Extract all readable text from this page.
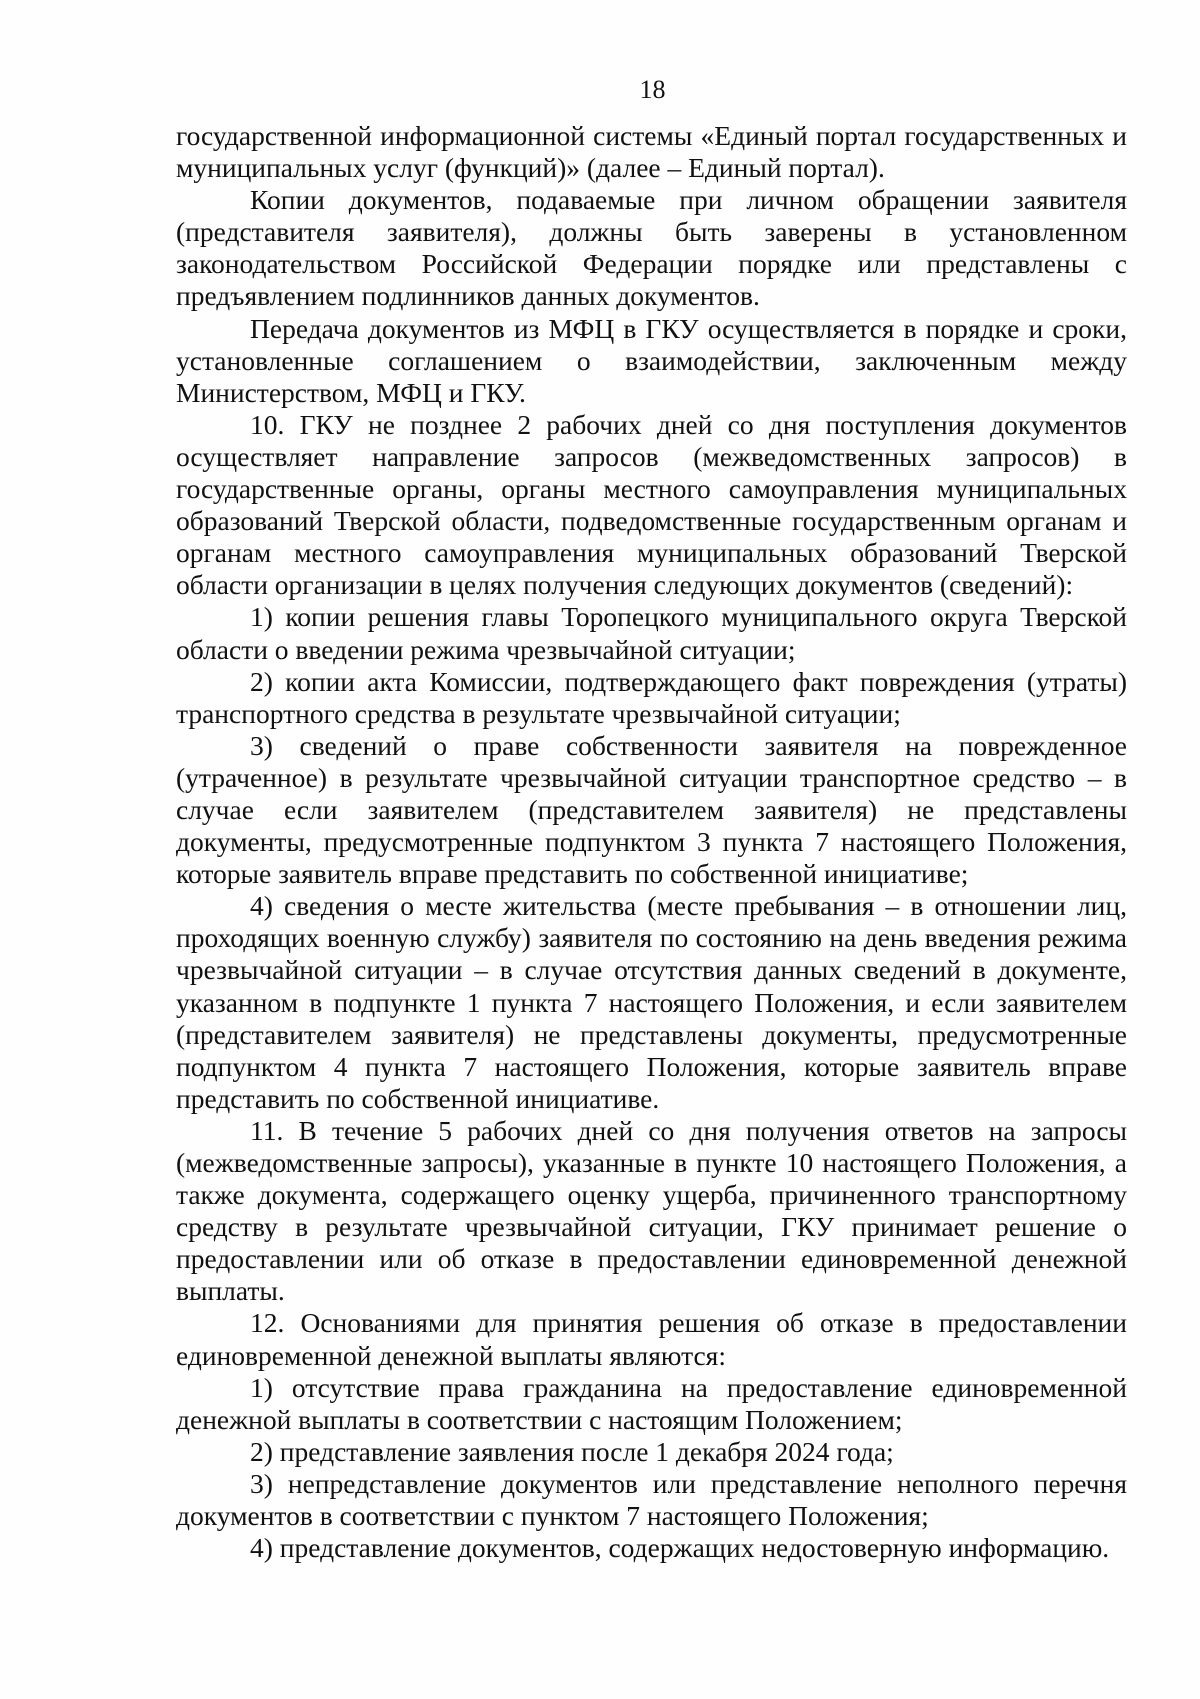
18

государственной информационной системы «Единый портал государственных и муниципальных услуг (функций)» (далее – Единый портал).

Копии документов, подаваемые при личном обращении заявителя (представителя заявителя), должны быть заверены в установленном законодательством Российской Федерации порядке или представлены с предъявлением подлинников данных документов.

Передача документов из МФЦ в ГКУ осуществляется в порядке и сроки, установленные соглашением о взаимодействии, заключенным между Министерством, МФЦ и ГКУ.

10. ГКУ не позднее 2 рабочих дней со дня поступления документов осуществляет направление запросов (межведомственных запросов) в государственные органы, органы местного самоуправления муниципальных образований Тверской области, подведомственные государственным органам и органам местного самоуправления муниципальных образований Тверской области организации в целях получения следующих документов (сведений):

1) копии решения главы Торопецкого муниципального округа Тверской области о введении режима чрезвычайной ситуации;

2) копии акта Комиссии, подтверждающего факт повреждения (утраты) транспортного средства в результате чрезвычайной ситуации;

3) сведений о праве собственности заявителя на поврежденное (утраченное) в результате чрезвычайной ситуации транспортное средство – в случае если заявителем (представителем заявителя) не представлены документы, предусмотренные подпунктом 3 пункта 7 настоящего Положения, которые заявитель вправе представить по собственной инициативе;

4) сведения о месте жительства (месте пребывания – в отношении лиц, проходящих военную службу) заявителя по состоянию на день введения режима чрезвычайной ситуации – в случае отсутствия данных сведений в документе, указанном в подпункте 1 пункта 7 настоящего Положения, и если заявителем (представителем заявителя) не представлены документы, предусмотренные подпунктом 4 пункта 7 настоящего Положения, которые заявитель вправе представить по собственной инициативе.

11. В течение 5 рабочих дней со дня получения ответов на запросы (межведомственные запросы), указанные в пункте 10 настоящего Положения, а также документа, содержащего оценку ущерба, причиненного транспортному средству в результате чрезвычайной ситуации, ГКУ принимает решение о предоставлении или об отказе в предоставлении единовременной денежной выплаты.

12. Основаниями для принятия решения об отказе в предоставлении единовременной денежной выплаты являются:

1) отсутствие права гражданина на предоставление единовременной денежной выплаты в соответствии с настоящим Положением;

2) представление заявления после 1 декабря 2024 года;

3) непредставление документов или представление неполного перечня документов в соответствии с пунктом 7 настоящего Положения;

4) представление документов, содержащих недостоверную информацию.
